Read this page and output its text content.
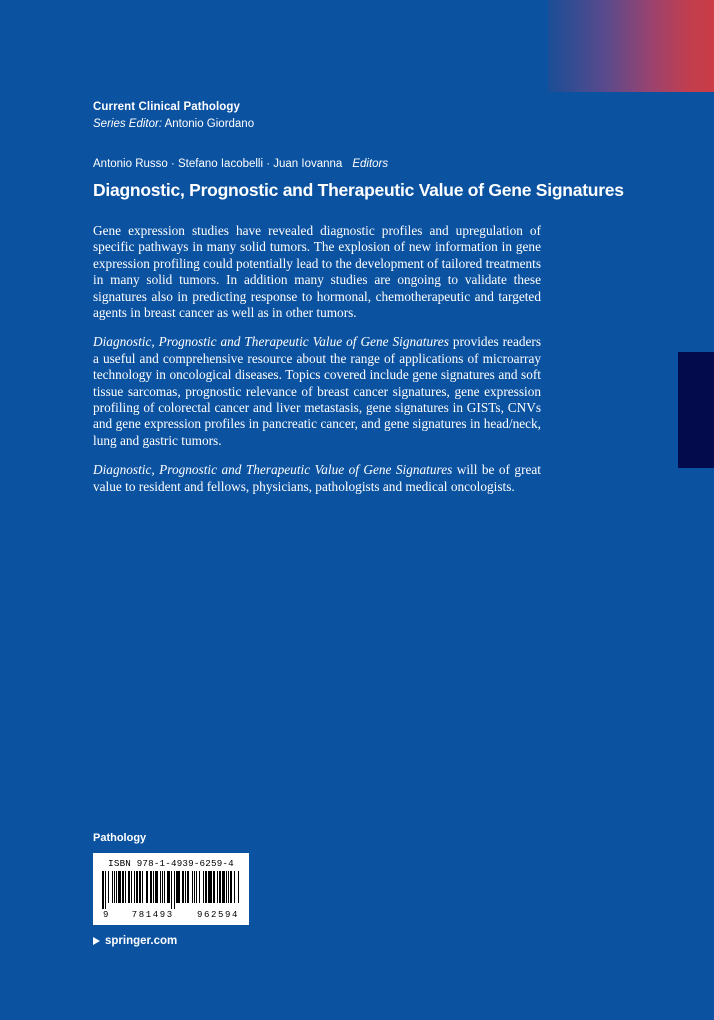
Current Clinical Pathology
Series Editor: Antonio Giordano
Antonio Russo · Stefano Iacobelli · Juan Iovanna Editors
Diagnostic, Prognostic and Therapeutic Value of Gene Signatures

Gene expression studies have revealed diagnostic profiles and upregulation of specific pathways in many solid tumors. The explosion of new information in gene expression profiling could potentially lead to the development of tailored treatments in many solid tumors. In addition many studies are ongoing to validate these signatures also in predicting response to hormonal, chemotherapeutic and targeted agents in breast cancer as well as in other tumors.

Diagnostic, Prognostic and Therapeutic Value of Gene Signatures provides readers a useful and comprehensive resource about the range of applications of microarray technology in oncological diseases. Topics covered include gene signatures and soft tissue sarcomas, prognostic relevance of breast cancer signatures, gene expression profiling of colorectal cancer and liver metastasis, gene signatures in GISTs, CNVs and gene expression profiles in pancreatic cancer, and gene signatures in head/neck, lung and gastric tumors.

Diagnostic, Prognostic and Therapeutic Value of Gene Signatures will be of great value to resident and fellows, physicians, pathologists and medical oncologists.

Pathology
ISBN 978-1-4939-6259-4
9	781493	962594
springer.com
